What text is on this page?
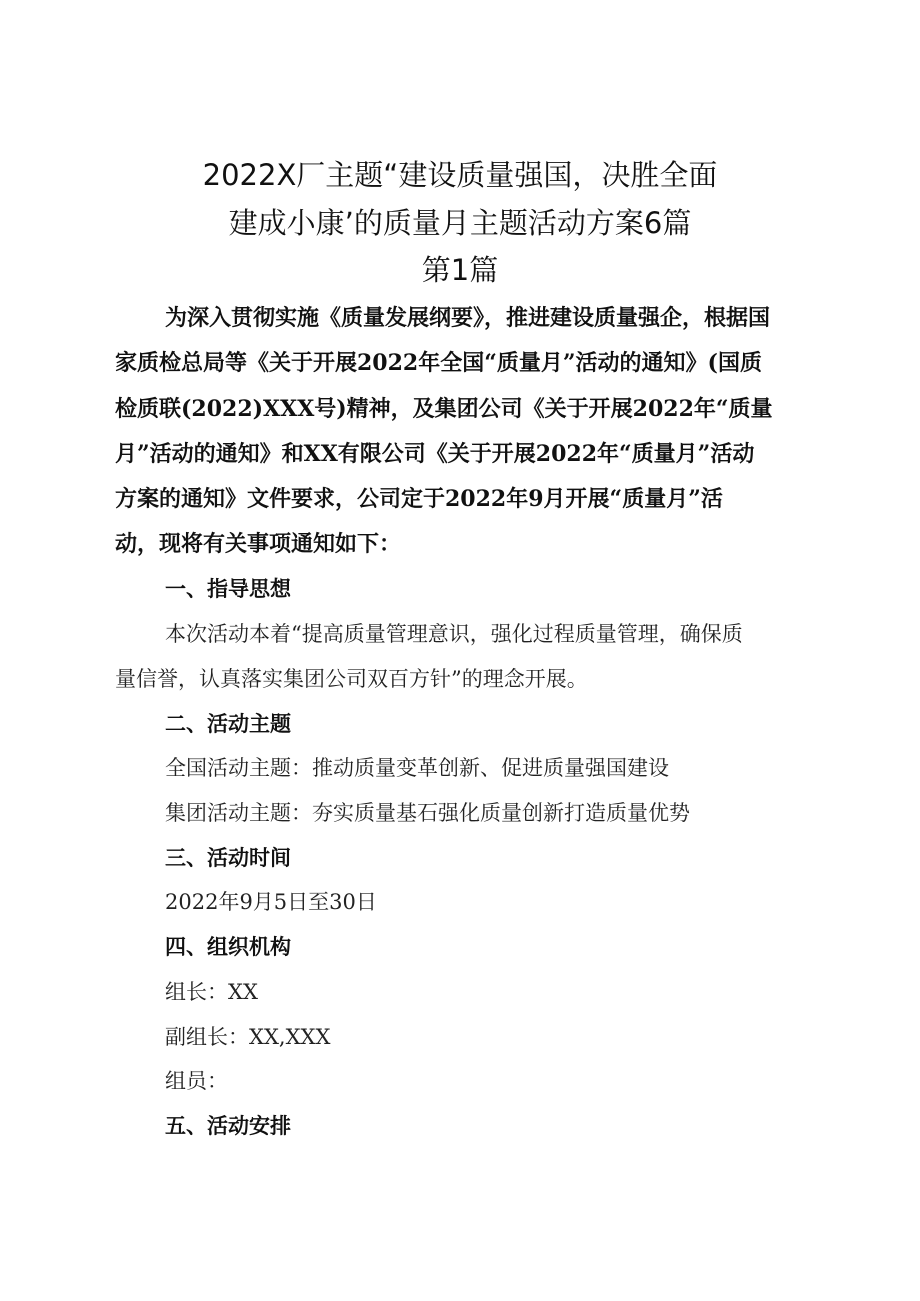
2022X厂主题“建设质量强国，决胜全面
建成小康’的质量月主题活动方案6篇
第1篇
为深入贯彻实施《质量发展纲要》，推进建设质量强企，根据国
家质检总局等《关于开展2022年全国“质量月”活动的通知》(国质
检质联(2022)XXX号)精神，及集团公司《关于开展2022年“质量
月”活动的通知》和XX有限公司《关于开展2022年“质量月”活动
方案的通知》文件要求，公司定于2022年9月开展“质量月”活
动，现将有关事项通知如下：
一、指导思想
本次活动本着“提高质量管理意识，强化过程质量管理，确保质
量信誉，认真落实集团公司双百方针”的理念开展。
二、活动主题
全国活动主题：推动质量变革创新、促进质量强国建设
集团活动主题：夯实质量基石强化质量创新打造质量优势
三、活动时间
2022年9月5日至30日
四、组织机构
组长：XX
副组长：XX,XXX
组员：
五、活动安排
